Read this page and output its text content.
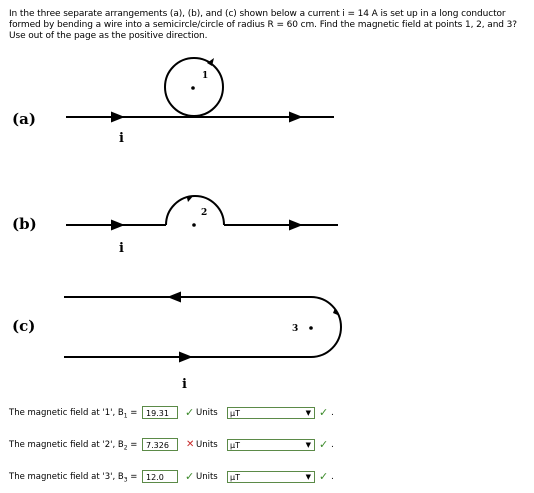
In the three separate arrangements (a), (b), and (c) shown below a current i = 14 A is set up in a long conductor formed by bending a wire into a semicircle/circle of radius R = 60 cm. Find the magnetic field at points 1, 2, and 3? Use out of the page as the positive direction.
(a)
1
i
(b)
2
i
(c)	3
i
The magnetic field at '1', $B_1$ =	19.31	✓ Units	μT	▼ ✓ .
The magnetic field at '2', $B_2$ =	7.326	✕ Units	μT	▼ ✓ .
The magnetic field at '3', $B_3$ =	12.0	✓ Units	μT	▼ ✓ .
